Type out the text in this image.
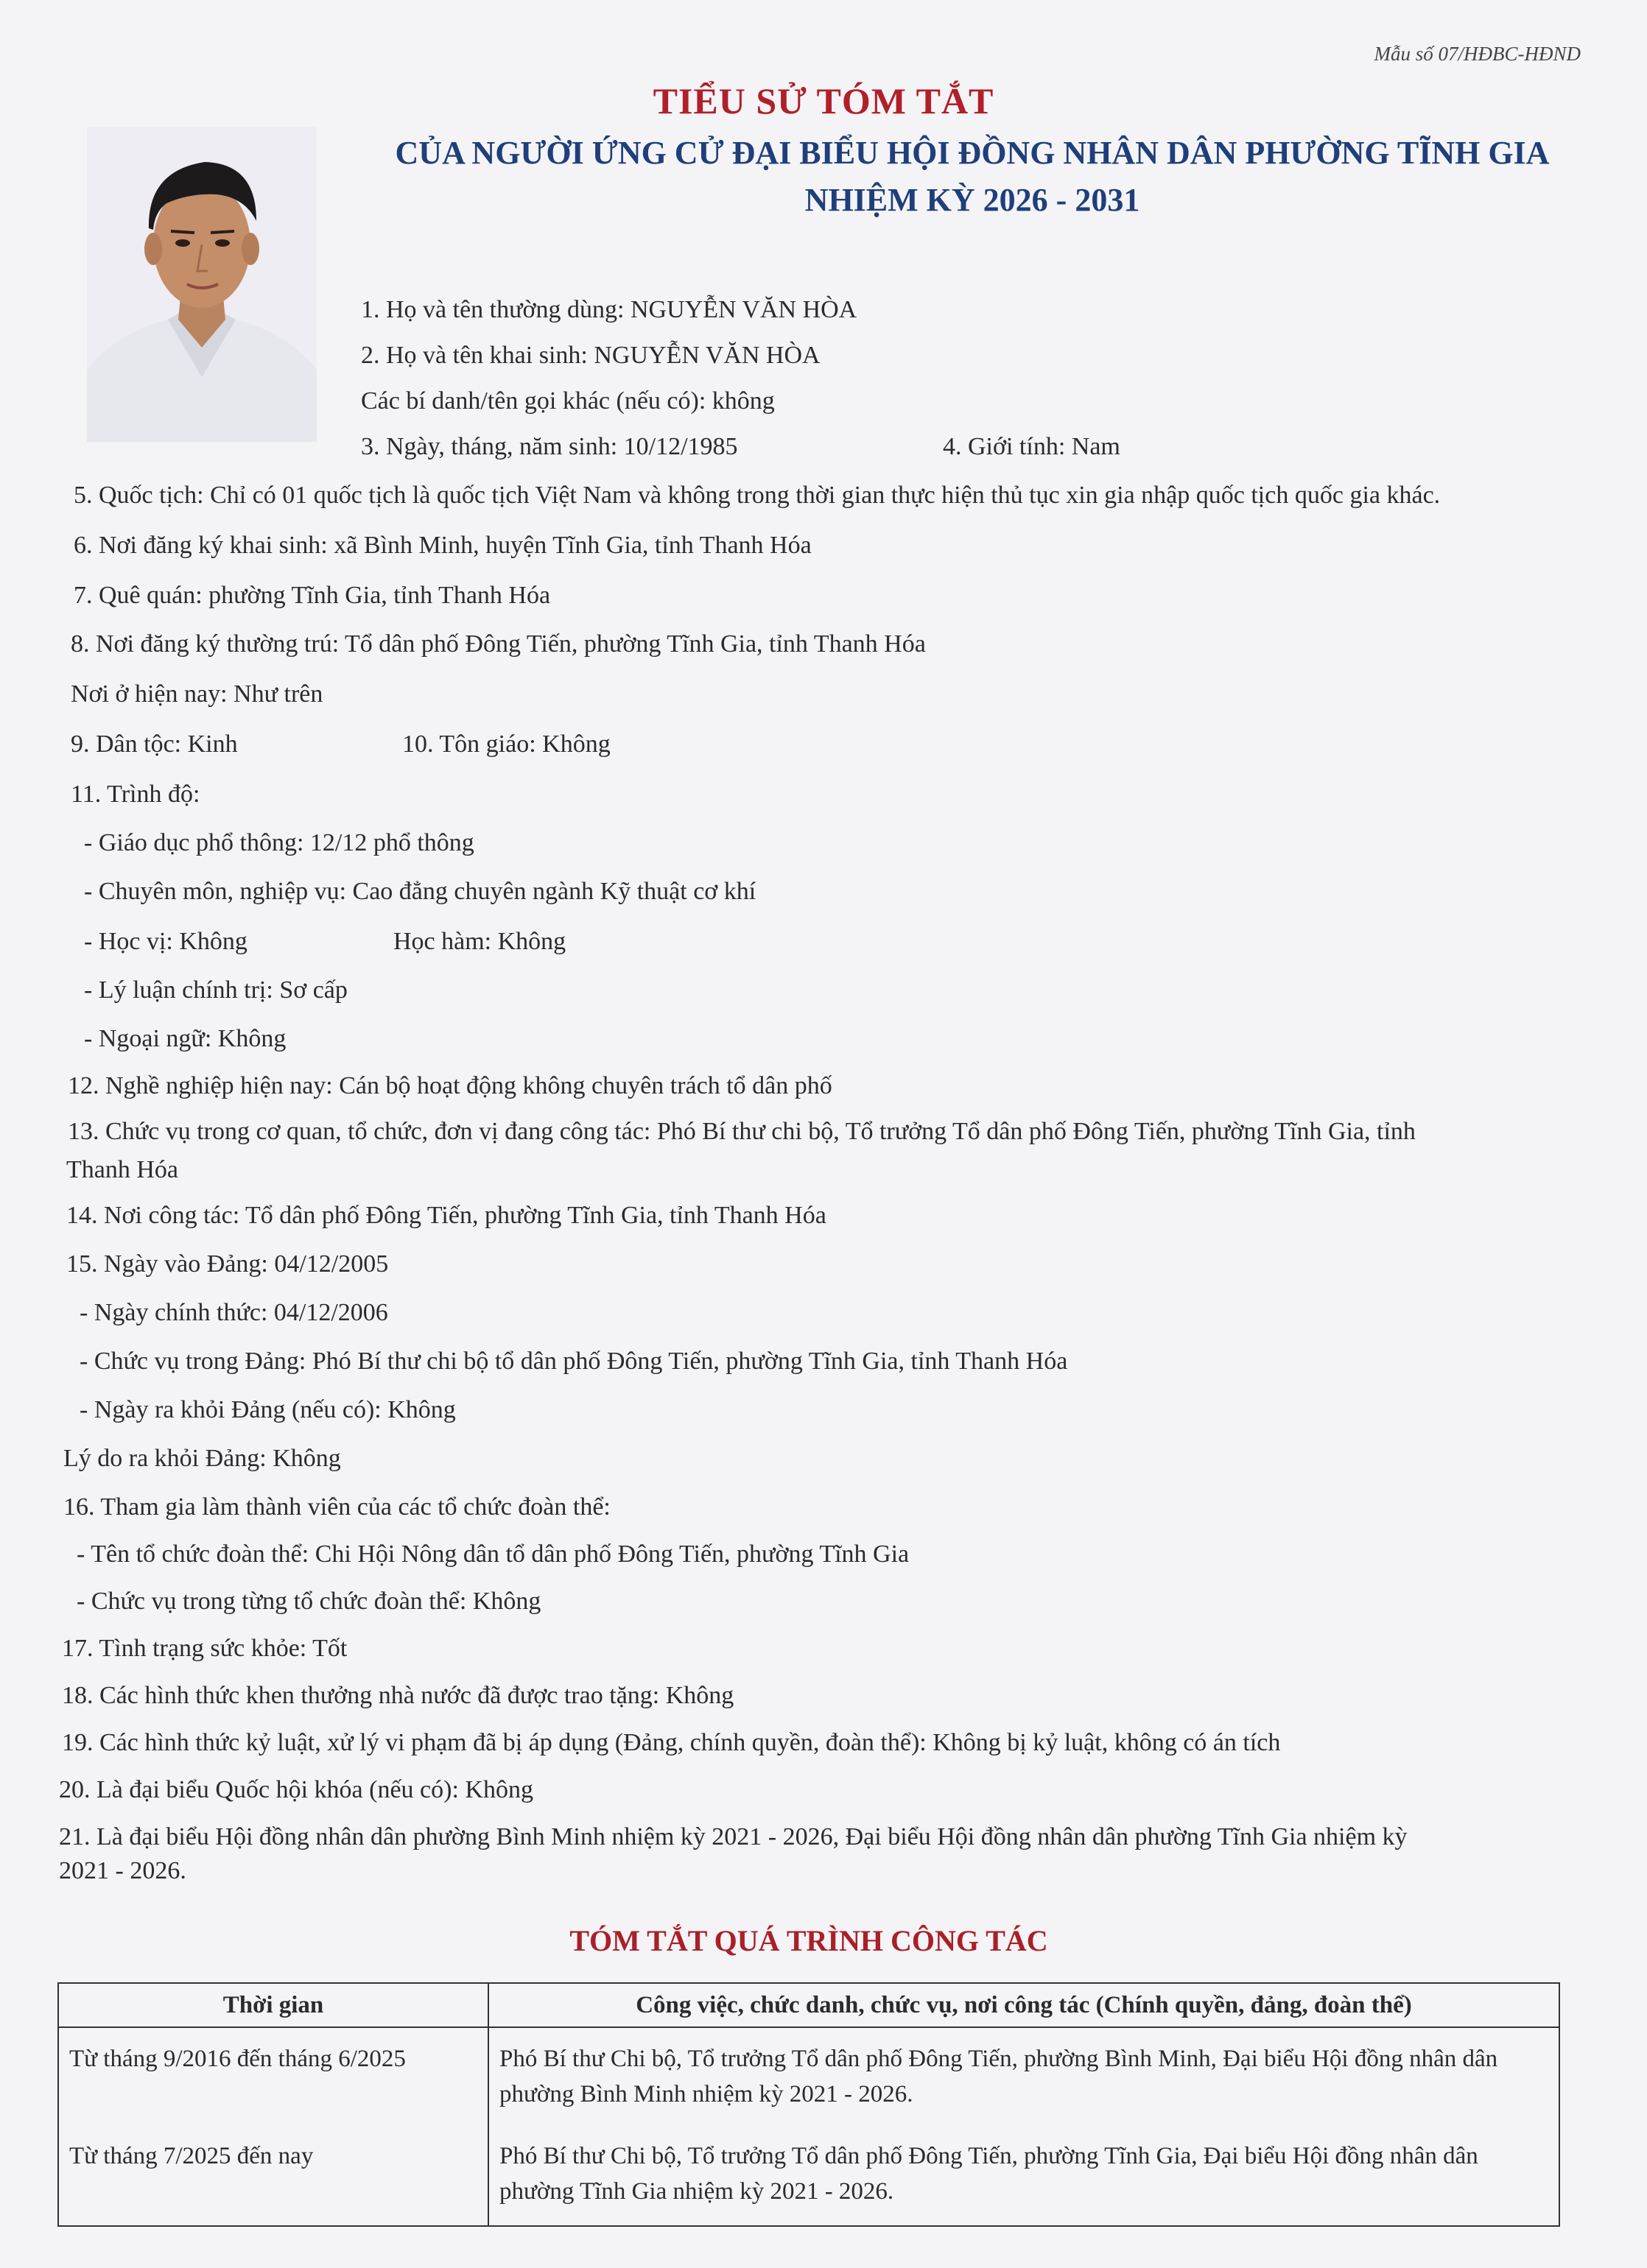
Mẫu số 07/HĐBC-HĐND
TIỂU SỬ TÓM TẮT
CỦA NGƯỜI ỨNG CỬ ĐẠI BIỂU HỘI ĐỒNG NHÂN DÂN PHƯỜNG TĨNH GIA
NHIỆM KỲ 2026 - 2031
1. Họ và tên thường dùng: NGUYỄN VĂN HÒA
2. Họ và tên khai sinh: NGUYỄN VĂN HÒA
Các bí danh/tên gọi khác (nếu có): không
3. Ngày, tháng, năm sinh: 10/12/1985	4. Giới tính: Nam
5. Quốc tịch: Chỉ có 01 quốc tịch là quốc tịch Việt Nam và không trong thời gian thực hiện thủ tục xin gia nhập quốc tịch quốc gia khác.
6. Nơi đăng ký khai sinh: xã Bình Minh, huyện Tĩnh Gia, tỉnh Thanh Hóa
7. Quê quán: phường Tĩnh Gia, tỉnh Thanh Hóa
8. Nơi đăng ký thường trú: Tổ dân phố Đông Tiến, phường Tĩnh Gia, tỉnh Thanh Hóa
Nơi ở hiện nay: Như trên
9. Dân tộc: Kinh	10. Tôn giáo: Không
11. Trình độ:
- Giáo dục phổ thông: 12/12 phổ thông
- Chuyên môn, nghiệp vụ: Cao đẳng chuyên ngành Kỹ thuật cơ khí
- Học vị: Không	Học hàm: Không
- Lý luận chính trị: Sơ cấp
- Ngoại ngữ: Không
12. Nghề nghiệp hiện nay: Cán bộ hoạt động không chuyên trách tổ dân phố
13. Chức vụ trong cơ quan, tổ chức, đơn vị đang công tác: Phó Bí thư chi bộ, Tổ trưởng Tổ dân phố Đông Tiến, phường Tĩnh Gia, tỉnh
Thanh Hóa
14. Nơi công tác: Tổ dân phố Đông Tiến, phường Tĩnh Gia, tỉnh Thanh Hóa
15. Ngày vào Đảng: 04/12/2005
- Ngày chính thức: 04/12/2006
- Chức vụ trong Đảng: Phó Bí thư chi bộ tổ dân phố Đông Tiến, phường Tĩnh Gia, tỉnh Thanh Hóa
- Ngày ra khỏi Đảng (nếu có): Không
Lý do ra khỏi Đảng: Không
16. Tham gia làm thành viên của các tổ chức đoàn thể:
- Tên tổ chức đoàn thể: Chi Hội Nông dân tổ dân phố Đông Tiến, phường Tĩnh Gia
- Chức vụ trong từng tổ chức đoàn thể: Không
17. Tình trạng sức khỏe: Tốt
18. Các hình thức khen thưởng nhà nước đã được trao tặng: Không
19. Các hình thức kỷ luật, xử lý vi phạm đã bị áp dụng (Đảng, chính quyền, đoàn thể): Không bị kỷ luật, không có án tích
20. Là đại biểu Quốc hội khóa (nếu có): Không
21. Là đại biểu Hội đồng nhân dân phường Bình Minh nhiệm kỳ 2021 - 2026, Đại biểu Hội đồng nhân dân phường Tĩnh Gia nhiệm kỳ
2021 - 2026.
TÓM TẮT QUÁ TRÌNH CÔNG TÁC
Thời gian	Công việc, chức danh, chức vụ, nơi công tác (Chính quyền, đảng, đoàn thể)
Từ tháng 9/2016 đến tháng 6/2025	Phó Bí thư Chi bộ, Tổ trưởng Tổ dân phố Đông Tiến, phường Bình Minh, Đại biểu Hội đồng nhân dân phường Bình Minh nhiệm kỳ 2021 - 2026.
Từ tháng 7/2025 đến nay	Phó Bí thư Chi bộ, Tổ trưởng Tổ dân phố Đông Tiến, phường Tĩnh Gia, Đại biểu Hội đồng nhân dân phường Tĩnh Gia nhiệm kỳ 2021 - 2026.
